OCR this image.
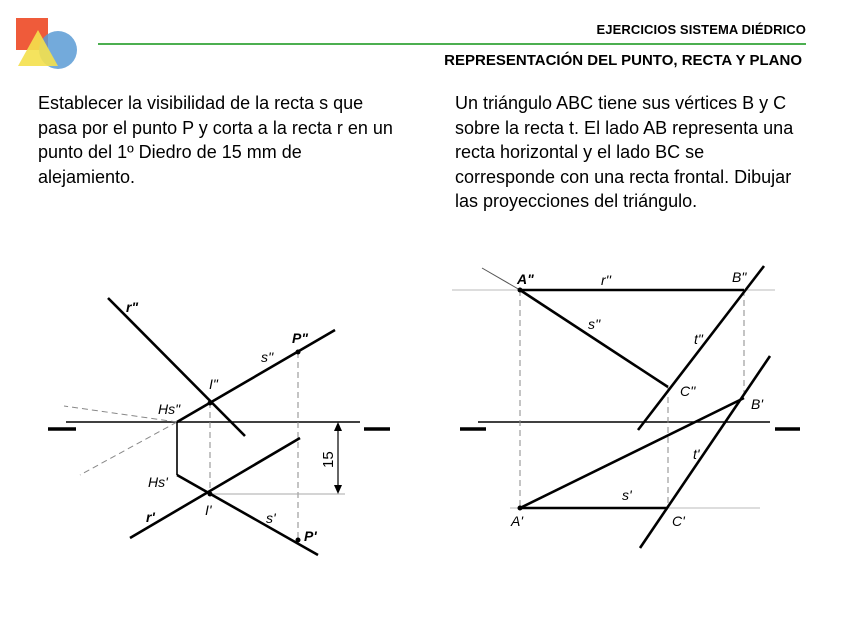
EJERCICIOS SISTEMA DIÉDRICO
REPRESENTACIÓN DEL PUNTO, RECTA Y PLANO
Establecer la visibilidad de la recta s que pasa por el punto P y corta a la recta r en un punto del 1º Diedro de 15 mm de alejamiento.
Un triángulo ABC tiene sus vértices B y C sobre la recta t. El lado AB representa una recta horizontal y el lado BC se corresponde con una recta frontal. Dibujar las proyecciones del triángulo.
r"
P"
s''
I"
Hs"
Hs'
r'	I'	s'
P'
15
A"	r''	B"
s''
t"
C''
B'
t'
s'
A'	C'
